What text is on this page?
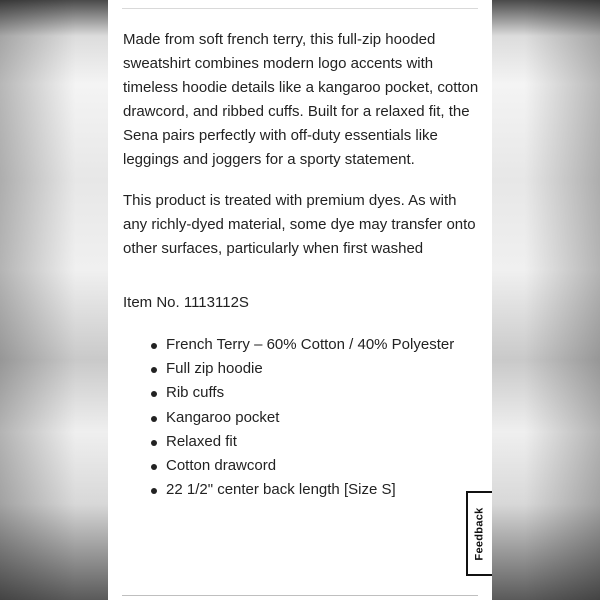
Made from soft french terry, this full-zip hooded sweatshirt combines modern logo accents with timeless hoodie details like a kangaroo pocket, cotton drawcord, and ribbed cuffs. Built for a relaxed fit, the Sena pairs perfectly with off-duty essentials like leggings and joggers for a sporty statement.

This product is treated with premium dyes. As with any richly-dyed material, some dye may transfer onto other surfaces, particularly when first washed

Item No. 1113112S

French Terry – 60% Cotton / 40% Polyester
Full zip hoodie
Rib cuffs
Kangaroo pocket
Relaxed fit
Cotton drawcord
22 1/2" center back length [Size S]
Feedback
